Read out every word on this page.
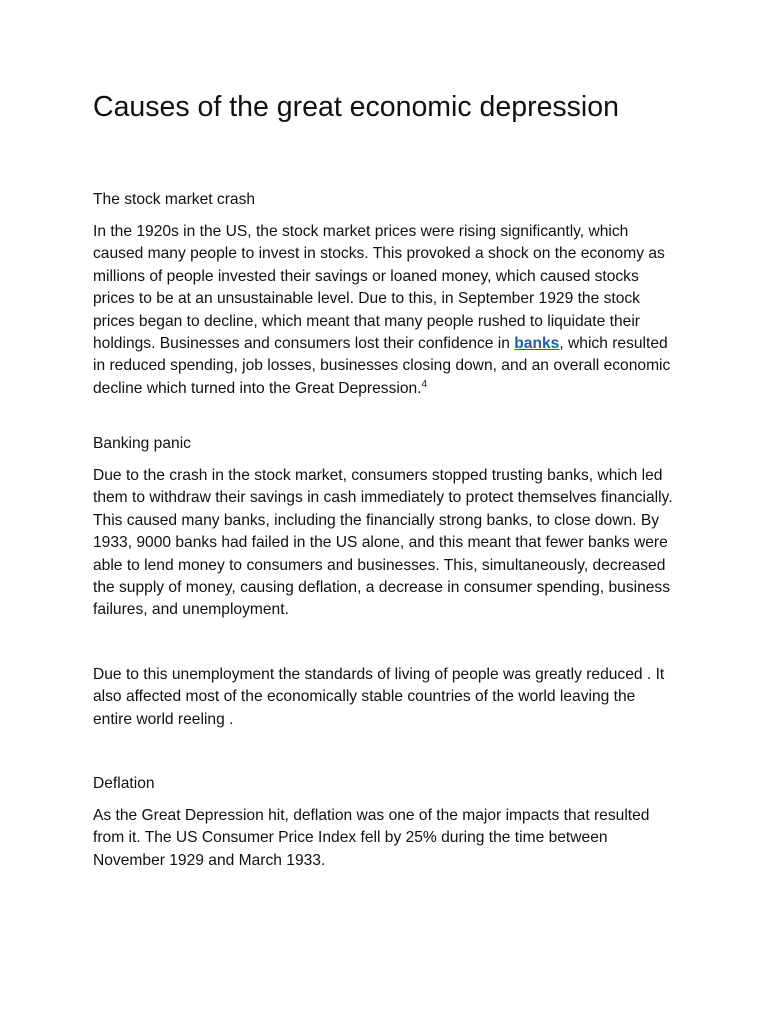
Causes of the great economic depression

The stock market crash

In the 1920s in the US, the stock market prices were rising significantly, which caused many people to invest in stocks. This provoked a shock on the economy as millions of people invested their savings or loaned money, which caused stocks prices to be at an unsustainable level. Due to this, in September 1929 the stock prices began to decline, which meant that many people rushed to liquidate their holdings. Businesses and consumers lost their confidence in banks, which resulted in reduced spending, job losses, businesses closing down, and an overall economic decline which turned into the Great Depression.$^4$

Banking panic

Due to the crash in the stock market, consumers stopped trusting banks, which led them to withdraw their savings in cash immediately to protect themselves financially. This caused many banks, including the financially strong banks, to close down. By 1933, 9000 banks had failed in the US alone, and this meant that fewer banks were able to lend money to consumers and businesses. This, simultaneously, decreased the supply of money, causing deflation, a decrease in consumer spending, business failures, and unemployment.

Due to this unemployment the standards of living of people was greatly reduced . It also affected most of the economically stable countries of the world leaving the entire world reeling .

Deflation

As the Great Depression hit, deflation was one of the major impacts that resulted from it. The US Consumer Price Index fell by 25% during the time between November 1929 and March 1933.
